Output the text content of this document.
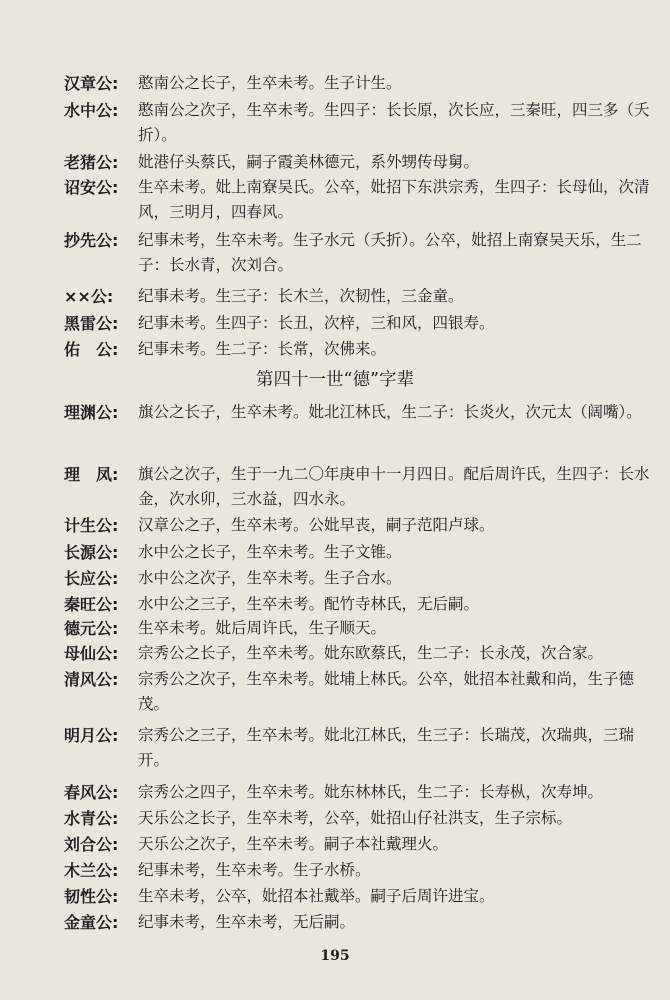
汉章公: 憨南公之长子，生卒未考。生子计生。
水中公: 憨南公之次子，生卒未考。生四子：长长原，次长应，三秦旺，四三多（夭折）。
老猪公: 妣港仔头蔡氏，嗣子霞美林德元，系外甥传母舅。
诏安公: 生卒未考。妣上南寮吴氏。公卒，妣招下东洪宗秀，生四子：长母仙，次清风，三明月，四春风。
抄先公: 纪事未考，生卒未考。生子水元（夭折）。公卒，妣招上南寮吴天乐，生二子：长水青，次刘合。
××公: 纪事未考。生三子：长木兰，次韧性，三金童。
黑雷公: 纪事未考。生四子：长丑，次梓，三和风，四银寿。
佑　公: 纪事未考。生二子：长常，次佛来。
第四十一世“德”字辈
理渊公: 旗公之长子，生卒未考。妣北江林氏，生二子：长炎火，次元太（阔嘴）。
理　凤: 旗公之次子，生于一九二〇年庚申十一月四日。配后周许氏，生四子：长水金，次水卯，三水益，四水永。
计生公: 汉章公之子，生卒未考。公妣早丧，嗣子范阳卢球。
长源公: 水中公之长子，生卒未考。生子文锥。
长应公: 水中公之次子，生卒未考。生子合水。
秦旺公: 水中公之三子，生卒未考。配竹寺林氏，无后嗣。
德元公: 生卒未考。妣后周许氏，生子顺天。
母仙公: 宗秀公之长子，生卒未考。妣东欧蔡氏，生二子：长永茂，次合家。
清风公: 宗秀公之次子，生卒未考。妣埔上林氏。公卒，妣招本社戴和尚，生子德茂。
明月公: 宗秀公之三子，生卒未考。妣北江林氏，生三子：长瑞茂，次瑞典，三瑞开。
春风公: 宗秀公之四子，生卒未考。妣东林林氏，生二子：长寿枞，次寿坤。
水青公: 天乐公之长子，生卒未考，公卒，妣招山仔社洪支，生子宗标。
刘合公: 天乐公之次子，生卒未考。嗣子本社戴理火。
木兰公: 纪事未考，生卒未考。生子水桥。
韧性公: 生卒未考，公卒，妣招本社戴举。嗣子后周许进宝。
金童公: 纪事未考，生卒未考，无后嗣。
195
